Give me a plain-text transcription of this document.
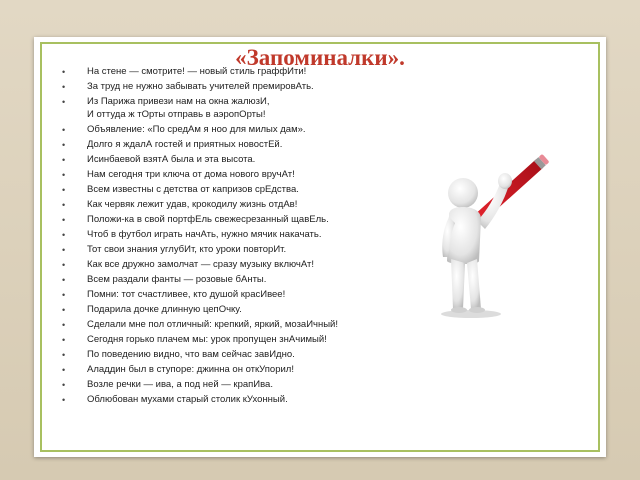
«Запоминалки».
• На стене — смотрите! — новый стиль граффИти!
• За труд не нужно забывать учителей премировАть.
• Из Парижа привези нам на окна жалюзИ,
И оттуда ж тОрты отправь в аэропОрты!
• Объявление: «По средАм я ноо для милых дам».
• Долго я ждалА гостей и приятных новостЕй.
• Исинбаевой взятА была и эта высота.
• Нам сегодня три ключа от дома нового вручАт!
• Всем известны с детства от капризов срЕдства.
• Как червяк лежит удав, крокодилу жизнь отдАв!
• Положи-ка в свой портфЕль свежесрезанный щавЕль.
• Чтоб в футбол играть начАть, нужно мячик накачать.
• Тот свои знания углубИт, кто уроки повторИт.
• Как все дружно замолчат — сразу музыку включАт!
• Всем раздали фанты — розовые бАнты.
• Помни: тот счастливее, кто душой красИвее!
• Подарила дочке длинную цепОчку.
• Сделали мне пол отличный: крепкий, яркий, мозаИчный!
• Сегодня горько плачем мы: урок пропущен знАчимый!
• По поведению видно, что вам сейчас завИдно.
• Аладдин был в ступоре: джинна он откУпорил!
• Возле речки — ива, а под ней — крапИва.
• Облюбован мухами старый столик кУхонный.
